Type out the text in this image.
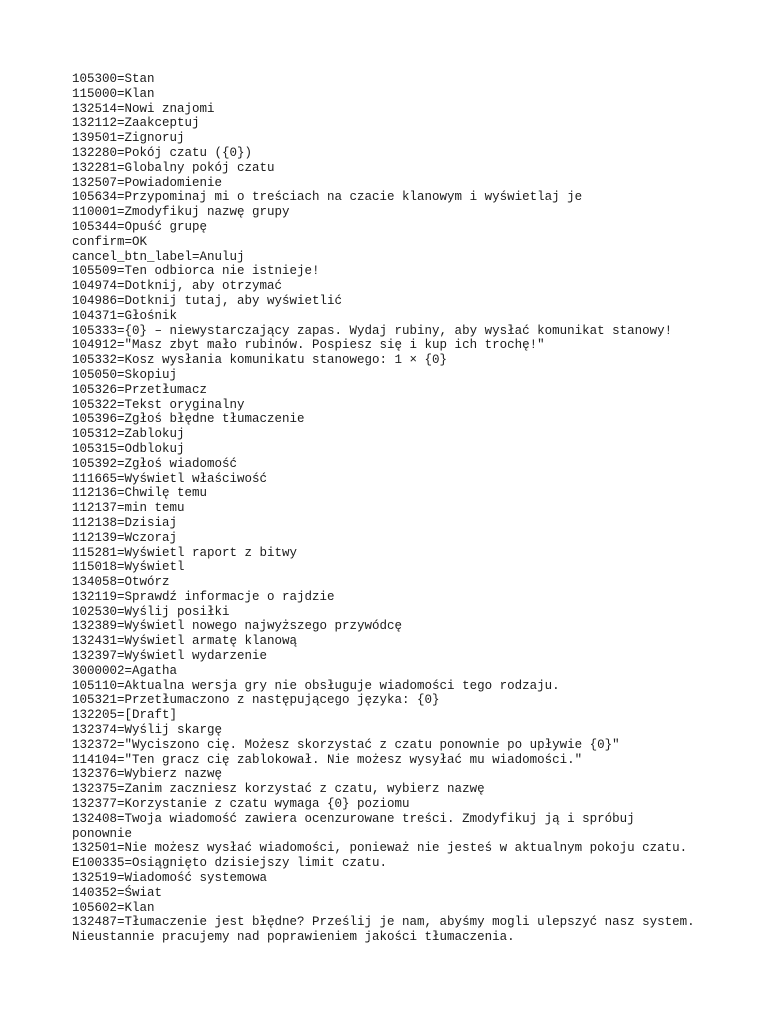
105300=Stan
115000=Klan
132514=Nowi znajomi
132112=Zaakceptuj
139501=Zignoruj
132280=Pokój czatu ({0})
132281=Globalny pokój czatu
132507=Powiadomienie
105634=Przypominaj mi o treściach na czacie klanowym i wyświetlaj je
110001=Zmodyfikuj nazwę grupy
105344=Opuść grupę
confirm=OK
cancel_btn_label=Anuluj
105509=Ten odbiorca nie istnieje!
104974=Dotknij, aby otrzymać
104986=Dotknij tutaj, aby wyświetlić
104371=Głośnik
105333={0} – niewystarczający zapas. Wydaj rubiny, aby wysłać komunikat stanowy!
104912="Masz zbyt mało rubinów. Pospiesz się i kup ich trochę!"
105332=Kosz wysłania komunikatu stanowego: 1 × {0}
105050=Skopiuj
105326=Przetłumacz
105322=Tekst oryginalny
105396=Zgłoś błędne tłumaczenie
105312=Zablokuj
105315=Odblokuj
105392=Zgłoś wiadomość
111665=Wyświetl właściwość
112136=Chwilę temu
112137=min temu
112138=Dzisiaj
112139=Wczoraj
115281=Wyświetl raport z bitwy
115018=Wyświetl
134058=Otwórz
132119=Sprawdź informacje o rajdzie
102530=Wyślij posiłki
132389=Wyświetl nowego najwyższego przywódcę
132431=Wyświetl armatę klanową
132397=Wyświetl wydarzenie
3000002=Agatha
105110=Aktualna wersja gry nie obsługuje wiadomości tego rodzaju.
105321=Przetłumaczono z następującego języka: {0}
132205=[Draft]
132374=Wyślij skargę
132372="Wyciszono cię. Możesz skorzystać z czatu ponownie po upływie {0}"
114104="Ten gracz cię zablokował. Nie możesz wysyłać mu wiadomości."
132376=Wybierz nazwę
132375=Zanim zaczniesz korzystać z czatu, wybierz nazwę
132377=Korzystanie z czatu wymaga {0} poziomu
132408=Twoja wiadomość zawiera ocenzurowane treści. Zmodyfikuj ją i spróbuj
ponownie
132501=Nie możesz wysłać wiadomości, ponieważ nie jesteś w aktualnym pokoju czatu.
E100335=Osiągnięto dzisiejszy limit czatu.
132519=Wiadomość systemowa
140352=Świat
105602=Klan
132487=Tłumaczenie jest błędne? Prześlij je nam, abyśmy mogli ulepszyć nasz system.
Nieustannie pracujemy nad poprawieniem jakości tłumaczenia.
